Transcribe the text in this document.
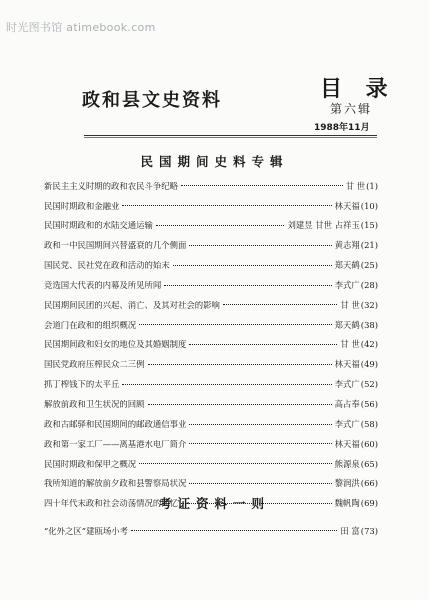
时光图书馆 atimebook.com
政和县文史资料	目 录
第六辑
1988年11月
民国期间史料专辑
新民主主义时期的政和农民斗争纪略	甘 世 (1)
民国时期政和金融业	林天福 (10)
民国时期政和的水陆交通运输	刘建昱 甘世 占祥玉 (15)
政和一中民国期间兴替盛衰的几个侧面	黄志翔 (21)
国民党、民社党在政和活动的始末	郑天鹤 (25)
竞选国大代表的内幕及所见所闻	李式广 (28)
民国期间民团的兴起、消亡、及其对社会的影响	甘 世 (32)
会道门在政和的组织概况	郑天鹤 (38)
民国期间政和妇女的地位及其婚姻制度	甘 世 (42)
国民党政府压榨民众二三例	林天福 (49)
抓丁榨钱下的太平丘	李式广 (52)
解放前政和卫生状况的回顾	高占奉 (56)
政和古邮驿和民国期间的邮政通信事业	李式广 (58)
政和第一家工厂——离基港水电厂简介	林天福 (60)
民国时期政和保甲之概况	熊源泉 (65)
我所知道的解放前夕政和县警察局状况	黎润洪 (66)
四十年代末政和社会动荡情况的回忆	魏帆陶 (69)
考证资料一则
“化外之区”建瓯场小考	田 富 (73)
